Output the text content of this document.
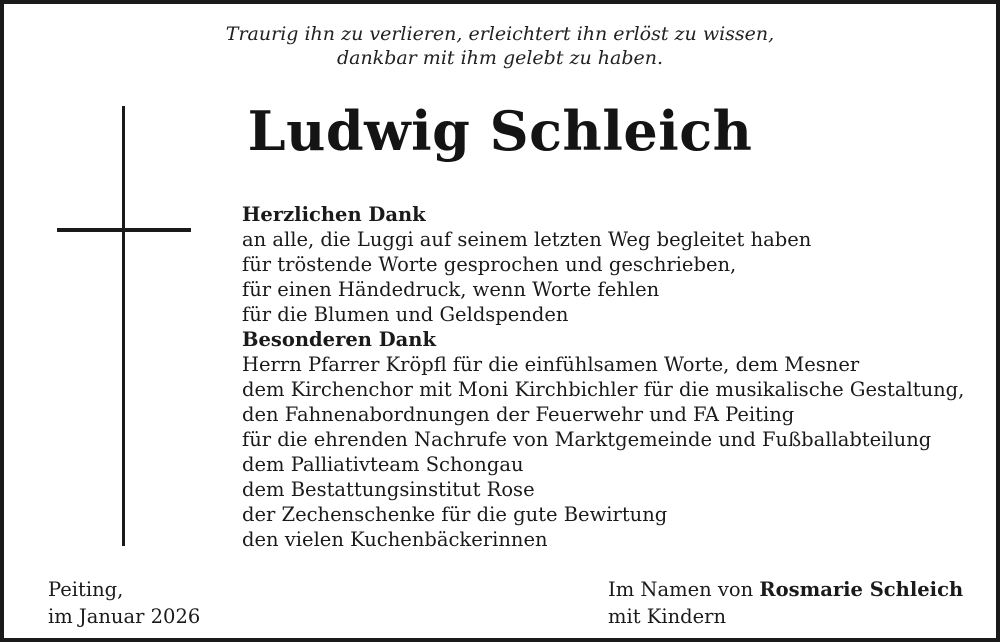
Traurig ihn zu verlieren, erleichtert ihn erlöst zu wissen,
dankbar mit ihm gelebt zu haben.
Ludwig Schleich
Herzlichen Dank
an alle, die Luggi auf seinem letzten Weg begleitet haben
für tröstende Worte gesprochen und geschrieben,
für einen Händedruck, wenn Worte fehlen
für die Blumen und Geldspenden
Besonderen Dank
Herrn Pfarrer Kröpfl für die einfühlsamen Worte, dem Mesner
dem Kirchenchor mit Moni Kirchbichler für die musikalische Gestaltung,
den Fahnenabordnungen der Feuerwehr und FA Peiting
für die ehrenden Nachrufe von Marktgemeinde und Fußballabteilung
dem Palliativteam Schongau
dem Bestattungsinstitut Rose
der Zechenschenke für die gute Bewirtung
den vielen Kuchenbäckerinnen
Peiting,
im Januar 2026
Im Namen von Rosmarie Schleich
mit Kindern
